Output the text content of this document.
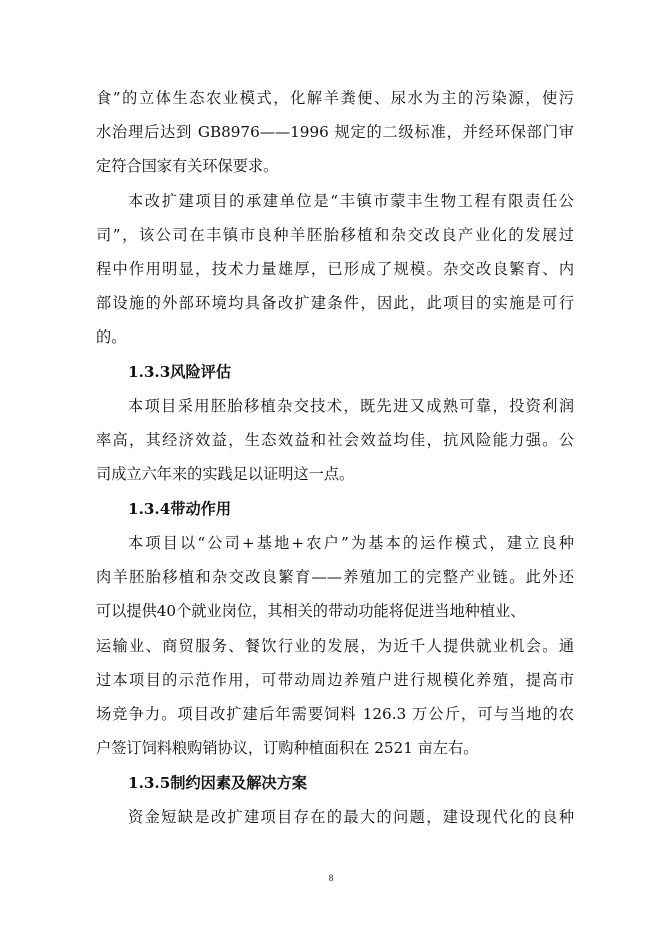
食”的立体生态农业模式，化解羊粪便、尿水为主的污染源，使污
水治理后达到 GB8976——1996 规定的二级标准，并经环保部门审
定符合国家有关环保要求。
本改扩建项目的承建单位是“丰镇市蒙丰生物工程有限责任公
司”，该公司在丰镇市良种羊胚胎移植和杂交改良产业化的发展过
程中作用明显，技术力量雄厚，已形成了规模。杂交改良繁育、内
部设施的外部环境均具备改扩建条件，因此，此项目的实施是可行
的。
1.3.3风险评估
本项目采用胚胎移植杂交技术，既先进又成熟可靠，投资利润
率高，其经济效益，生态效益和社会效益均佳，抗风险能力强。公
司成立六年来的实践足以证明这一点。
1.3.4带动作用
本项目以“公司+基地+农户”为基本的运作模式，建立良种
肉羊胚胎移植和杂交改良繁育——养殖加工的完整产业链。此外还
可以提供40个就业岗位，其相关的带动功能将促进当地种植业、
运输业、商贸服务、餐饮行业的发展，为近千人提供就业机会。通
过本项目的示范作用，可带动周边养殖户进行规模化养殖，提高市
场竞争力。项目改扩建后年需要饲料 126.3 万公斤，可与当地的农
户签订饲料粮购销协议，订购种植面积在 2521 亩左右。
1.3.5制约因素及解决方案
资金短缺是改扩建项目存在的最大的问题，建设现代化的良种
8
